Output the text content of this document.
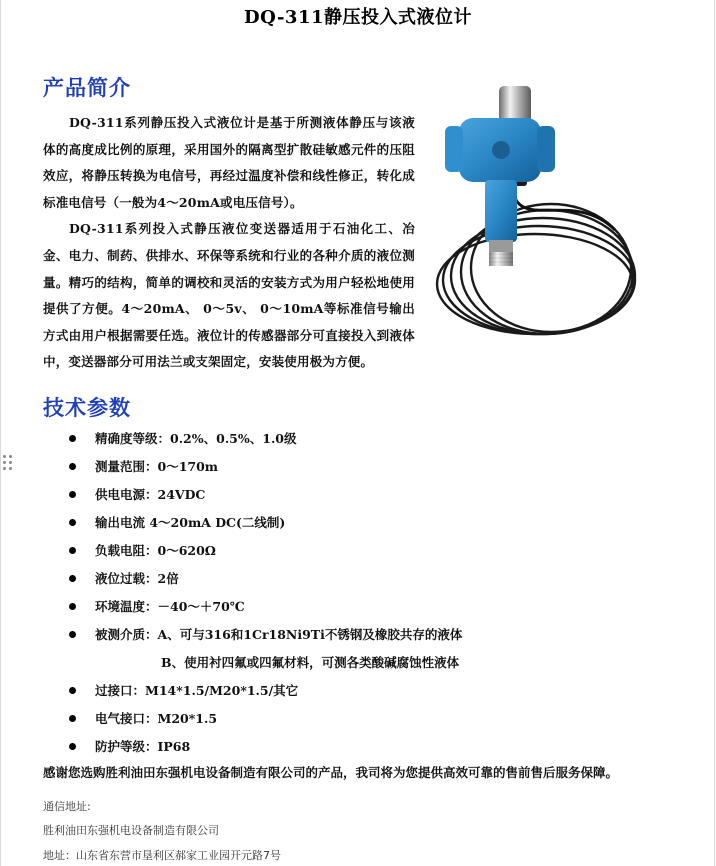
DQ-311静压投入式液位计
产品简介

DQ-311系列静压投入式液位计是基于所测液体静压与该液体的高度成比例的原理，采用国外的隔离型扩散硅敏感元件的压阻效应，将静压转换为电信号，再经过温度补偿和线性修正，转化成标准电信号（一般为4～20mA或电压信号）。

DQ-311系列投入式静压液位变送器适用于石油化工、冶金、电力、制药、供排水、环保等系统和行业的各种介质的液位测量。精巧的结构，简单的调校和灵活的安装方式为用户轻松地使用提供了方便。4～20mA、 0～5v、 0～10mA等标准信号输出方式由用户根据需要任选。液位计的传感器部分可直接投入到液体中，变送器部分可用法兰或支架固定，安装使用极为方便。

技术参数
精确度等级：0.2%、0.5%、1.0级
测量范围：0～170m
供电电源：24VDC
输出电流 4～20mA DC(二线制)
负载电阻：0～620Ω
液位过载：2倍
环境温度：－40～＋70℃
被测介质：A、可与316和1Cr18Ni9Ti不锈钢及橡胶共存的液体
B、使用衬四氟或四氟材料，可测各类酸碱腐蚀性液体
过接口：M14*1.5/M20*1.5/其它
电气接口：M20*1.5
防护等级：IP68
感谢您选购胜利油田东强机电设备制造有限公司的产品，我司将为您提供高效可靠的售前售后服务保障。
通信地址:
胜利油田东强机电设备制造有限公司
地址：山东省东营市垦利区郝家工业园开元路7号
